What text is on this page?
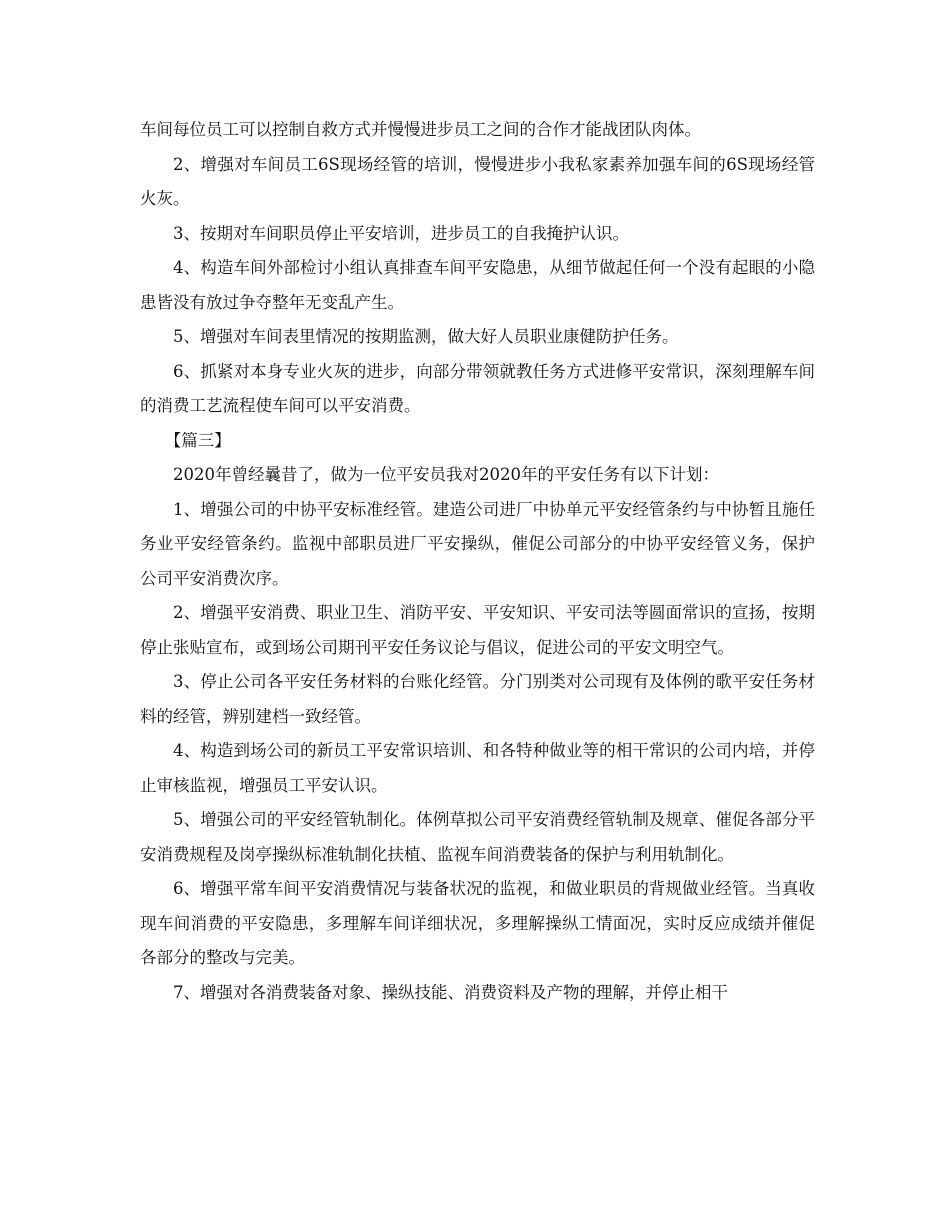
车间每位员工可以控制自救方式并慢慢进步员工之间的合作才能战团队肉体。

2、增强对车间员工6S现场经管的培训，慢慢进步小我私家素养加强车间的6S现场经管火灰。

3、按期对车间职员停止平安培训，进步员工的自我掩护认识。

4、构造车间外部检讨小组认真排查车间平安隐患，从细节做起任何一个没有起眼的小隐患皆没有放过争夺整年无变乱产生。

5、增强对车间表里情况的按期监测，做大好人员职业康健防护任务。

6、抓紧对本身专业火灰的进步，向部分带领就教任务方式进修平安常识，深刻理解车间的消费工艺流程使车间可以平安消费。

【篇三】

2020年曾经曩昔了，做为一位平安员我对2020年的平安任务有以下计划：

1、增强公司的中协平安标准经管。建造公司进厂中协单元平安经管条约与中协暂且施任务业平安经管条约。监视中部职员进厂平安操纵，催促公司部分的中协平安经管义务，保护公司平安消费次序。

2、增强平安消费、职业卫生、消防平安、平安知识、平安司法等圆面常识的宣扬，按期停止张贴宣布，或到场公司期刊平安任务议论与倡议，促进公司的平安文明空气。

3、停止公司各平安任务材料的台账化经管。分门别类对公司现有及体例的歌平安任务材料的经管，辨别建档一致经管。

4、构造到场公司的新员工平安常识培训、和各特种做业等的相干常识的公司内培，并停止审核监视，增强员工平安认识。

5、增强公司的平安经管轨制化。体例草拟公司平安消费经管轨制及规章、催促各部分平安消费规程及岗亭操纵标准轨制化扶植、监视车间消费装备的保护与利用轨制化。

6、增强平常车间平安消费情况与装备状况的监视，和做业职员的背规做业经管。当真收现车间消费的平安隐患，多理解车间详细状况，多理解操纵工情面况，实时反应成绩并催促各部分的整改与完美。

7、增强对各消费装备对象、操纵技能、消费资料及产物的理解，并停止相干
